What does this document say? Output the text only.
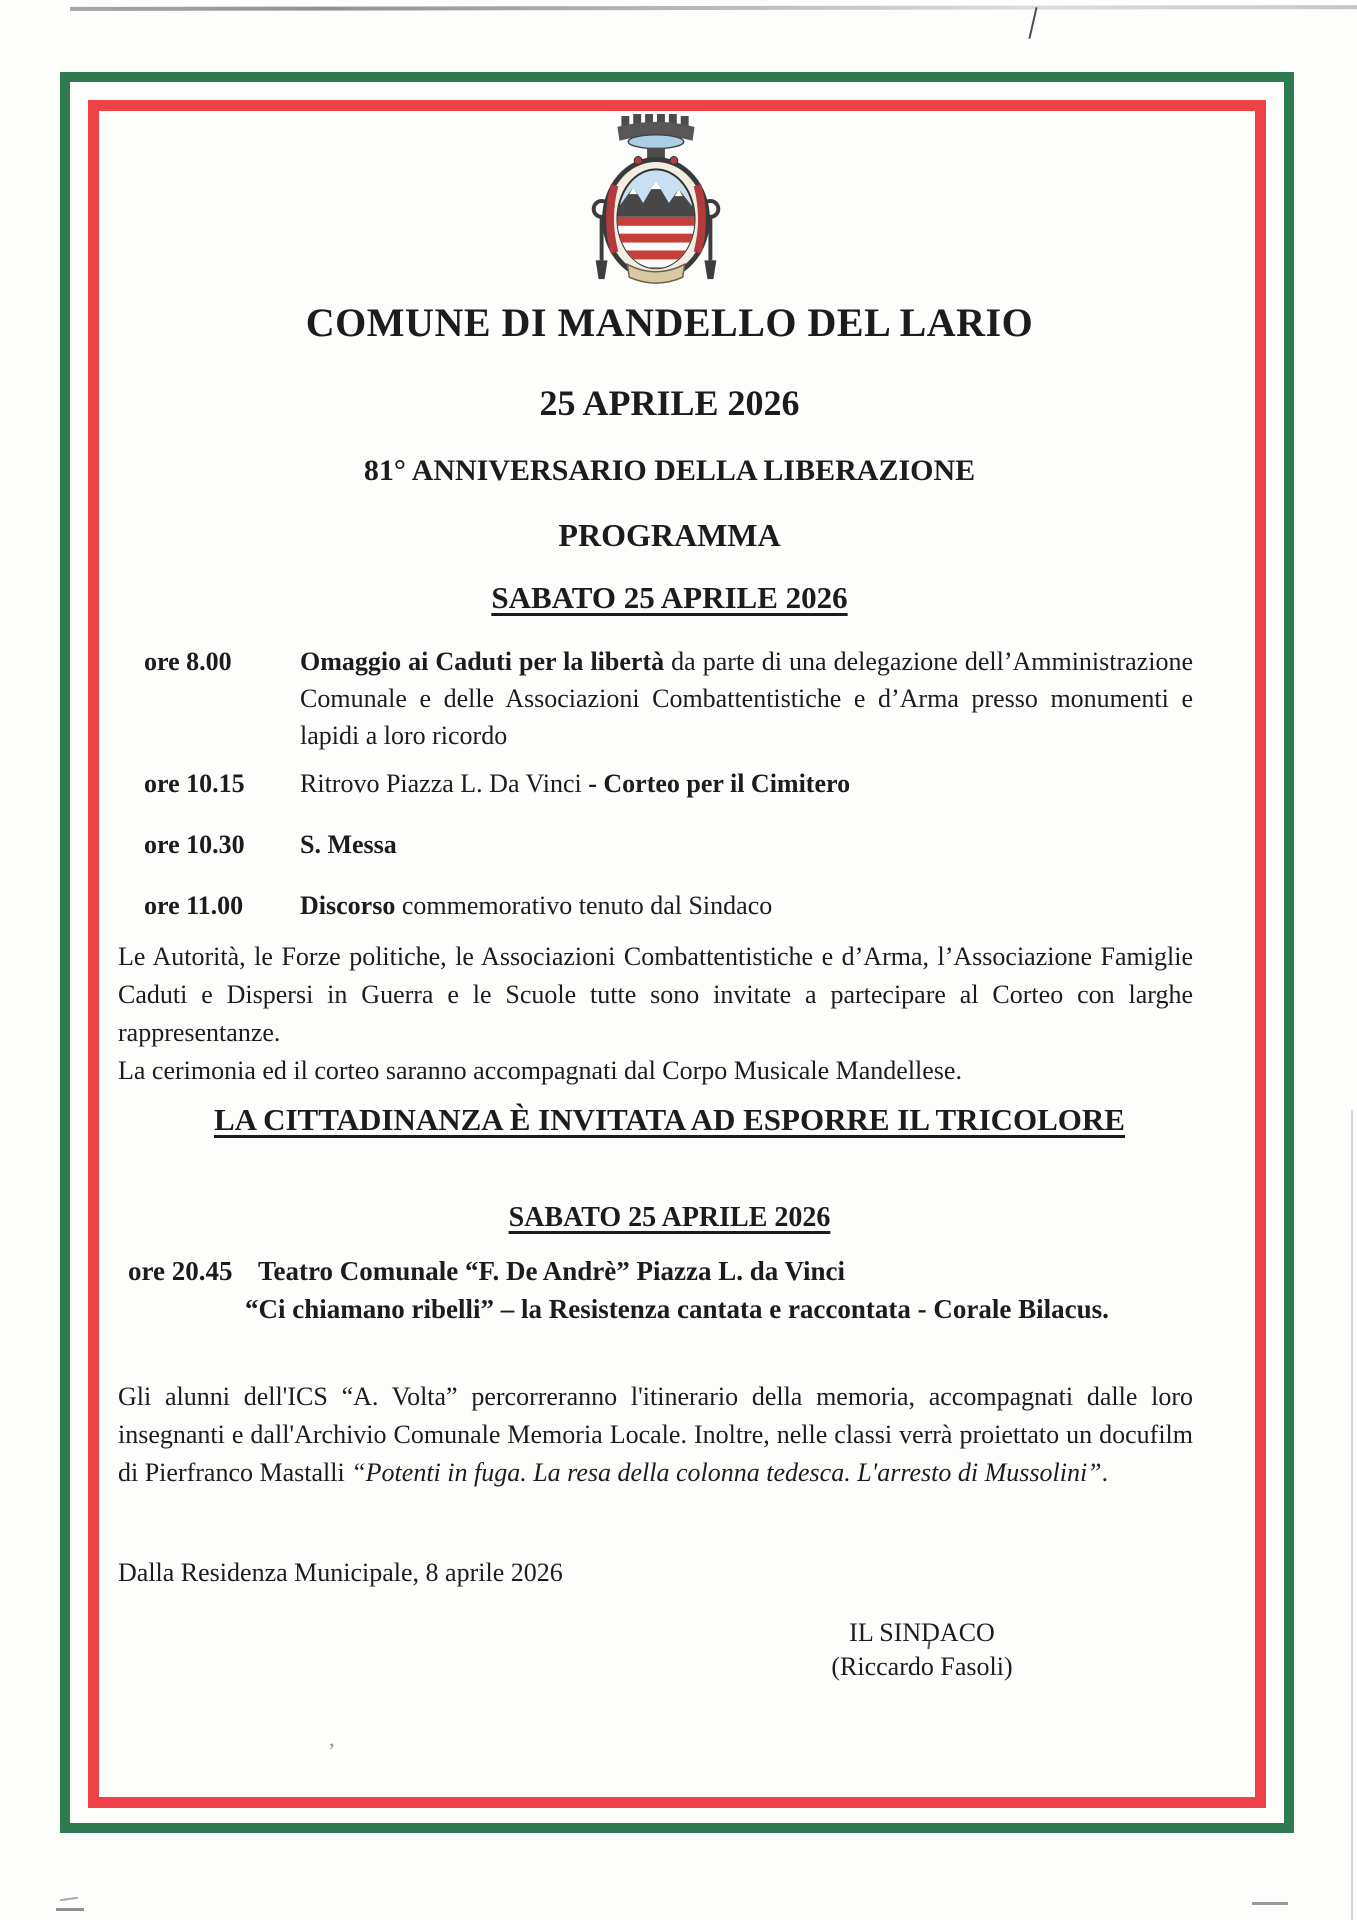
’
COMUNE DI MANDELLO DEL LARIO
25 APRILE 2026
81° ANNIVERSARIO DELLA LIBERAZIONE
PROGRAMMA
SABATO 25 APRILE 2026
ore 8.00	Omaggio ai Caduti per la libertà da parte di una delegazione dell’Amministrazione Comunale e delle Associazioni Combattentistiche e d’Arma presso monumenti e lapidi a loro ricordo
ore 10.15	Ritrovo Piazza L. Da Vinci - Corteo per il Cimitero
ore 10.30	S. Messa
ore 11.00	Discorso commemorativo tenuto dal Sindaco
Le Autorità, le Forze politiche, le Associazioni Combattentistiche e d’Arma, l’Associazione Famiglie Caduti e Dispersi in Guerra e le Scuole tutte sono invitate a partecipare al Corteo con larghe rappresentanze.
La cerimonia ed il corteo saranno accompagnati dal Corpo Musicale Mandellese.
LA CITTADINANZA È INVITATA AD ESPORRE IL TRICOLORE
SABATO 25 APRILE 2026
ore 20.45 Teatro Comunale “F. De Andrè” Piazza L. da Vinci
“Ci chiamano ribelli” – la Resistenza cantata e raccontata - Corale Bilacus.
Gli alunni dell'ICS “A. Volta” percorreranno l'itinerario della memoria, accompagnati dalle loro insegnanti e dall'Archivio Comunale Memoria Locale. Inoltre, nelle classi verrà proiettato un docufilm di Pierfranco Mastalli “Potenti in fuga. La resa della colonna tedesca. L'arresto di Mussolini”.
Dalla Residenza Municipale, 8 aprile 2026
IL SINDACO
(Riccardo Fasoli)
